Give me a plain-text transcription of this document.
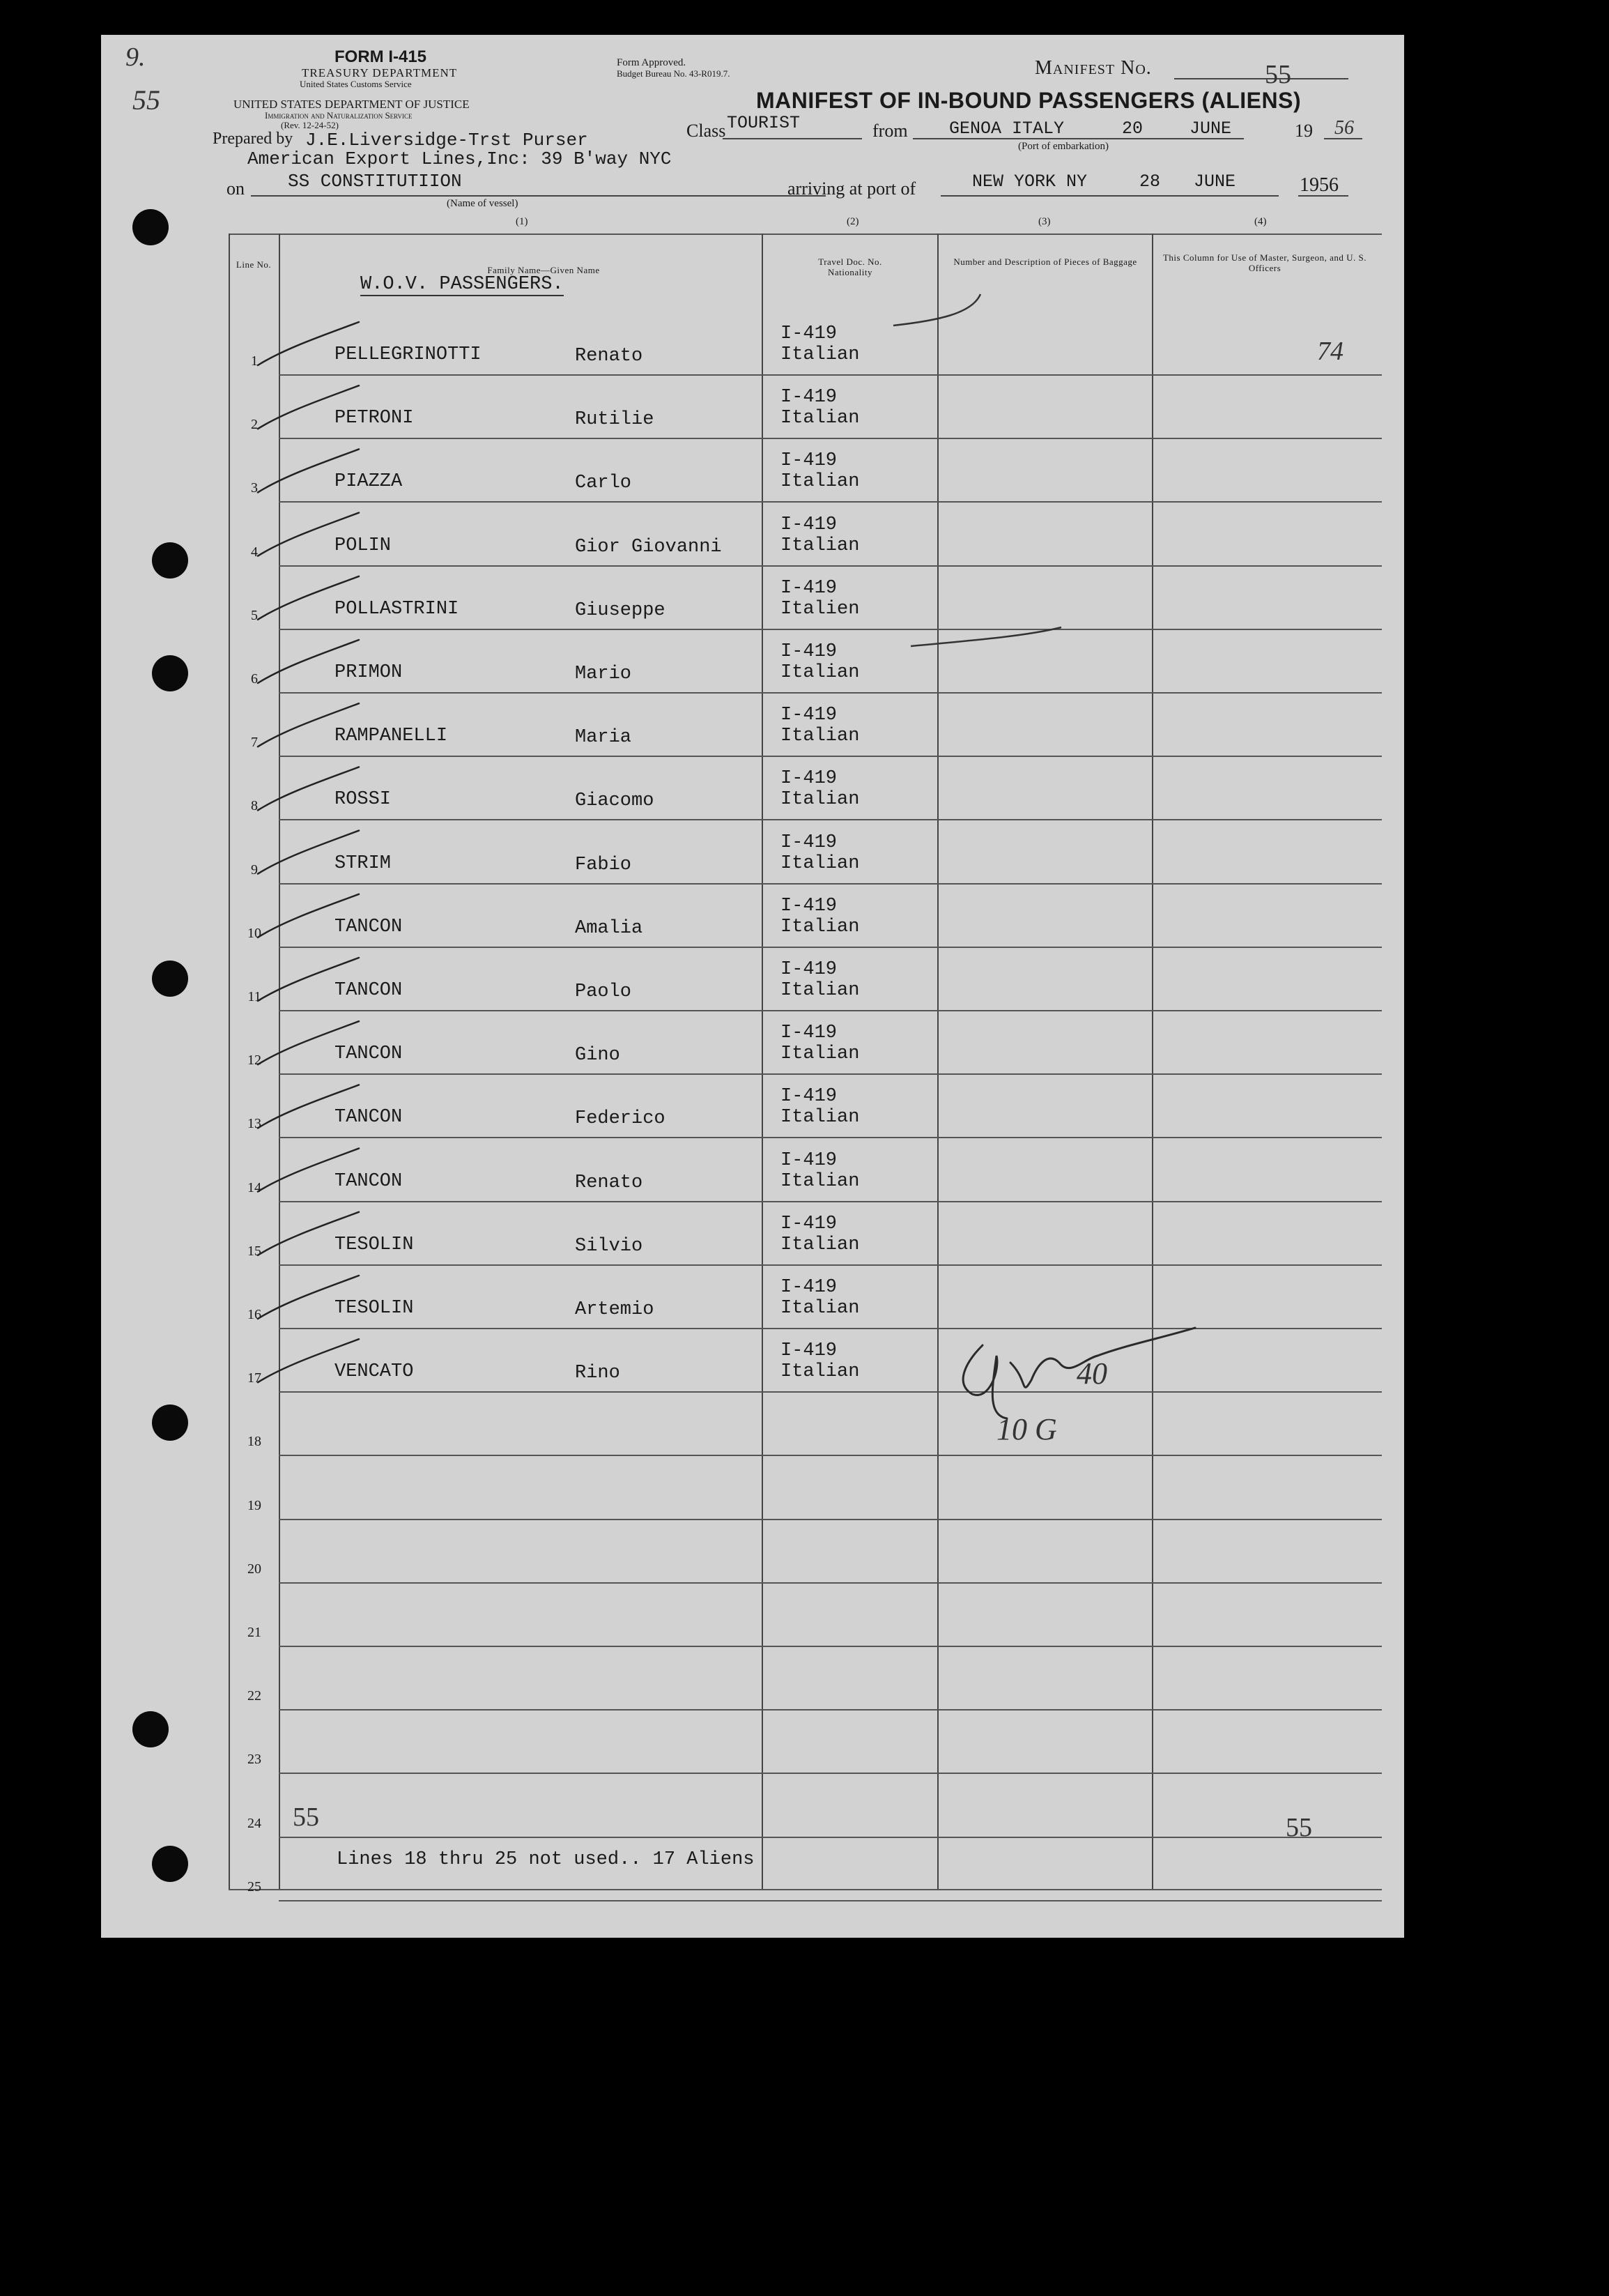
9.
55
FORM I-415
TREASURY DEPARTMENT
United States Customs Service
UNITED STATES DEPARTMENT OF JUSTICE
Immigration and Naturalization Service
(Rev. 12-24-52)
Form Approved.
Budget Bureau No. 43-R019.7.	Manifest No.	55
MANIFEST OF IN-BOUND PASSENGERS (ALIENS)
Prepared by J.E.Liversidge-Trst Purser
American Export Lines,Inc: 39 B'way NYC
Class TOURIST	from GENOA ITALY	20	JUNE
(Port of embarkation)
19 56
on SS CONSTITUTIION
(Name of vessel)
arriving at port of	NEW YORK NY	28 JUNE	1956
(1)	(2)	(3)	(4)
Line No.
Family Name—Given Name
Travel Doc. No. Nationality
Number and Description of Pieces of Baggage	This Column for Use of Master, Surgeon, and U. S. Officers
W.O.V. PASSENGERS.
1	PELLEGRINOTTI	Renato
I-419
Italian	74
2	PETRONI	Rutilie
I-419
Italian
3	PIAZZA	Carlo
I-419
Italian
4	POLIN	Gior Giovanni
I-419
Italian
5	POLLASTRINI	Giuseppe
I-419
Italien
6	PRIMON	Mario
I-419
Italian
7	RAMPANELLI	Maria
I-419
Italian
8	ROSSI	Giacomo
I-419
Italian
9	STRIM	Fabio
I-419
Italian
10	TANCON	Amalia
I-419
Italian
11	TANCON	Paolo
I-419
Italian
12	TANCON	Gino
I-419
Italian
13	TANCON	Federico
I-419
Italian
14	TANCON	Renato
I-419
Italian
15	TESOLIN	Silvio
I-419
Italian
16	TESOLIN	Artemio
I-419
Italian
17	VENCATO	Rino
I-419
Italian
18
19
20
21
22
23
24
25
55	55
Lines 18 thru 25 not used.. 17 Aliens
40
10 G
